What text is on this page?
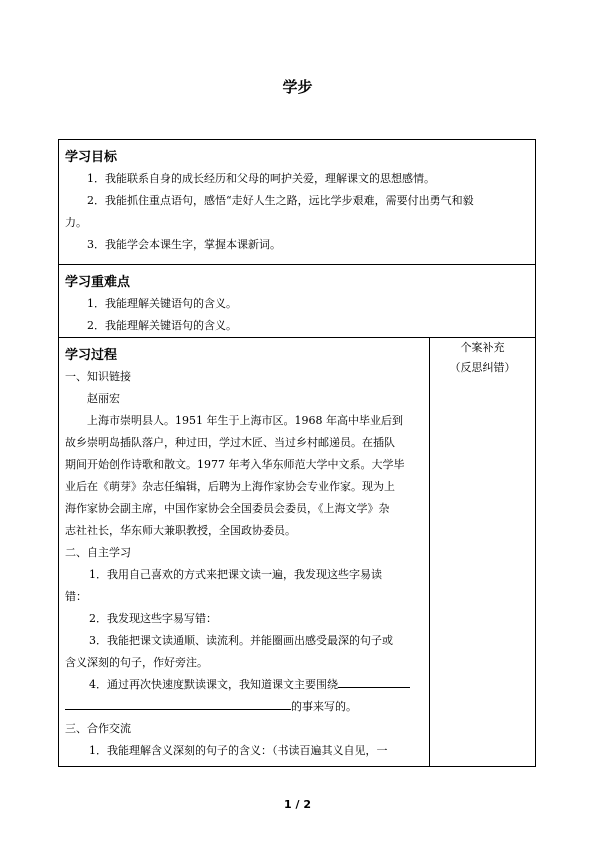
学步
学习目标
1．我能联系自身的成长经历和父母的呵护关爱，理解课文的思想感情。
2．我能抓住重点语句，感悟“走好人生之路，远比学步艰难，需要付出勇气和毅
力。
3．我能学会本课生字，掌握本课新词。

学习重难点
1．我能理解关键语句的含义。
2．我能理解关键语句的含义。

学习过程
一、知识链接
赵丽宏
上海市崇明县人。1951 年生于上海市区。1968 年高中毕业后到
故乡崇明岛插队落户，种过田，学过木匠、当过乡村邮递员。在插队
期间开始创作诗歌和散文。1977 年考入华东师范大学中文系。大学毕
业后在《萌芽》杂志任编辑，后聘为上海作家协会专业作家。现为上
海作家协会副主席，中国作家协会全国委员会委员，《上海文学》杂
志社社长，华东师大兼职教授，全国政协委员。
二、自主学习
1．我用自己喜欢的方式来把课文读一遍，我发现这些字易读
错：
2．我发现这些字易写错：
3．我能把课文读通顺、读流利。并能圈画出感受最深的句子或
含义深刻的句子，作好旁注。
4．通过再次快速度默读课文，我知道课文主要围绕
的事来写的。
三、合作交流
1．我能理解含义深刻的句子的含义：（书读百遍其义自见，一

个案补充
（反思纠错）
1 / 2
